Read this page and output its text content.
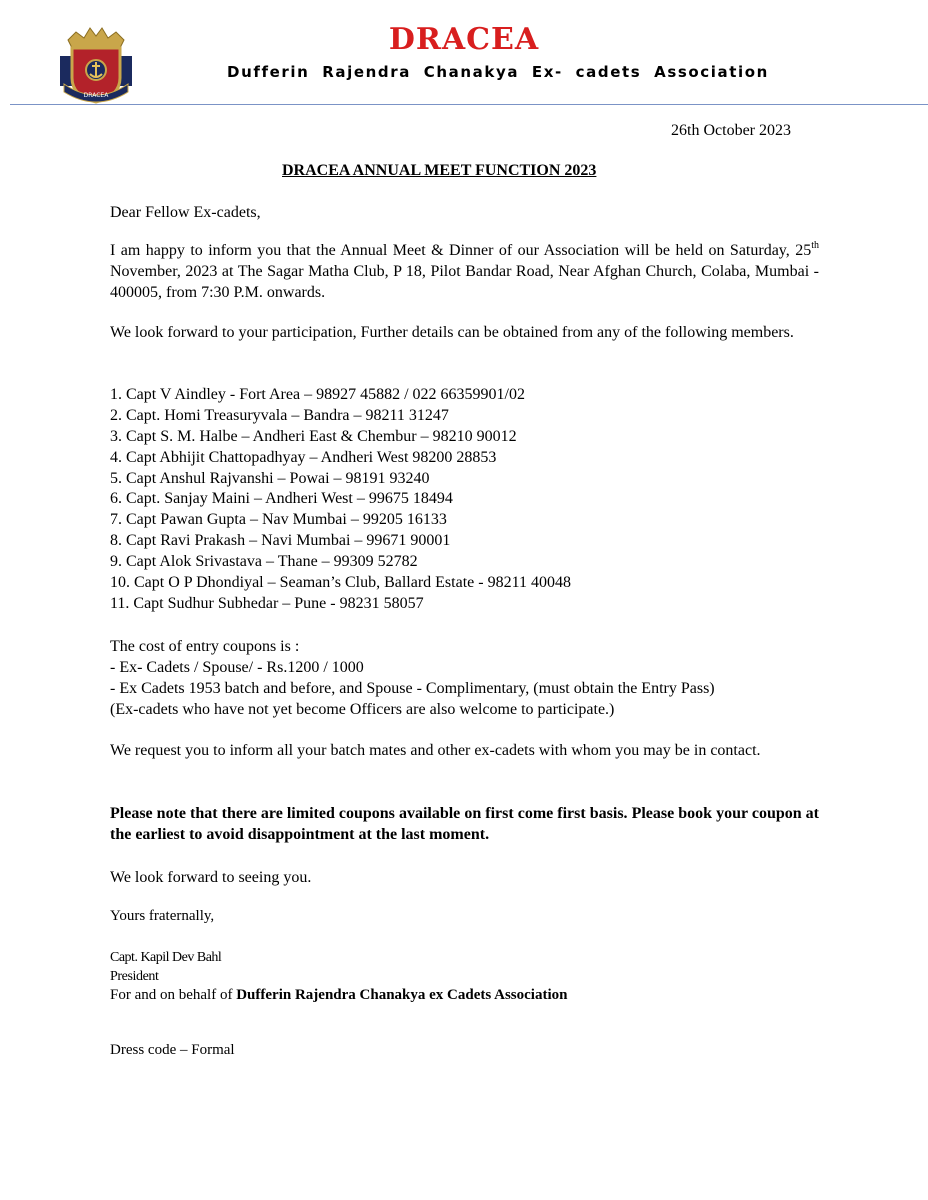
DRACEA
DRACEA
Dufferin Rajendra Chanakya Ex- cadets Association
26th October 2023
DRACEA ANNUAL MEET FUNCTION 2023
Dear Fellow Ex-cadets,
I am happy to inform you that the Annual Meet & Dinner of our Association will be held on Saturday, 25th November, 2023 at The Sagar Matha Club, P 18, Pilot Bandar Road, Near Afghan Church, Colaba, Mumbai - 400005, from 7:30 P.M. onwards.
We look forward to your participation, Further details can be obtained from any of the following members.
1. Capt V Aindley - Fort Area – 98927 45882 / 022 66359901/02
2. Capt. Homi Treasuryvala – Bandra – 98211 31247
3. Capt S. M. Halbe – Andheri East & Chembur – 98210 90012
4. Capt Abhijit Chattopadhyay – Andheri West 98200 28853
5. Capt Anshul Rajvanshi – Powai – 98191 93240
6. Capt. Sanjay Maini – Andheri West – 99675 18494
7. Capt Pawan Gupta – Nav Mumbai – 99205 16133
8. Capt Ravi Prakash – Navi Mumbai – 99671 90001
9. Capt Alok Srivastava – Thane – 99309 52782
10. Capt O P Dhondiyal – Seaman’s Club, Ballard Estate - 98211 40048
11. Capt Sudhur Subhedar – Pune - 98231 58057
The cost of entry coupons is :
- Ex- Cadets / Spouse/ - Rs.1200 / 1000
- Ex Cadets 1953 batch and before, and Spouse - Complimentary, (must obtain the Entry Pass)
(Ex-cadets who have not yet become Officers are also welcome to participate.)
We request you to inform all your batch mates and other ex-cadets with whom you may be in contact.
Please note that there are limited coupons available on first come first basis. Please book your coupon at the earliest to avoid disappointment at the last moment.
We look forward to seeing you.
Yours fraternally,
Capt. Kapil Dev Bahl
President
For and on behalf of Dufferin Rajendra Chanakya ex Cadets Association
Dress code – Formal
